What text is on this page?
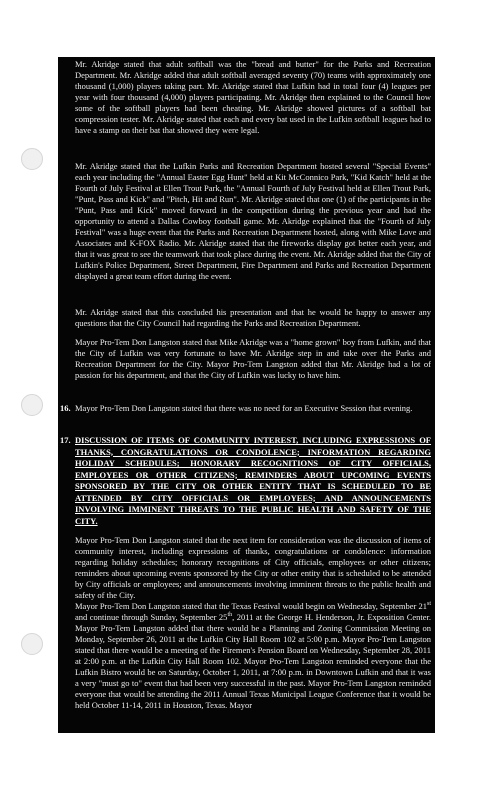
Mr. Akridge stated that adult softball was the "bread and butter" for the Parks and Recreation Department. Mr. Akridge added that adult softball averaged seventy (70) teams with approximately one thousand (1,000) players taking part. Mr. Akridge stated that Lufkin had in total four (4) leagues per year with four thousand (4,000) players participating. Mr. Akridge then explained to the Council how some of the softball players had been cheating. Mr. Akridge showed pictures of a softball bat compression tester. Mr. Akridge stated that each and every bat used in the Lufkin softball leagues had to have a stamp on their bat that showed they were legal.
Mr. Akridge stated that the Lufkin Parks and Recreation Department hosted several "Special Events" each year including the "Annual Easter Egg Hunt" held at Kit McConnico Park, "Kid Katch" held at the Fourth of July Festival at Ellen Trout Park, the "Annual Fourth of July Festival held at Ellen Trout Park, "Punt, Pass and Kick" and "Pitch, Hit and Run". Mr. Akridge stated that one (1) of the participants in the "Punt, Pass and Kick" moved forward in the competition during the previous year and had the opportunity to attend a Dallas Cowboy football game. Mr. Akridge explained that the "Fourth of July Festival" was a huge event that the Parks and Recreation Department hosted, along with Mike Love and Associates and K-FOX Radio. Mr. Akridge stated that the fireworks display got better each year, and that it was great to see the teamwork that took place during the event. Mr. Akridge added that the City of Lufkin's Police Department, Street Department, Fire Department and Parks and Recreation Department displayed a great team effort during the event.
Mr. Akridge stated that this concluded his presentation and that he would be happy to answer any questions that the City Council had regarding the Parks and Recreation Department.
Mayor Pro-Tem Don Langston stated that Mike Akridge was a "home grown" boy from Lufkin, and that the City of Lufkin was very fortunate to have Mr. Akridge step in and take over the Parks and Recreation Department for the City. Mayor Pro-Tem Langston added that Mr. Akridge had a lot of passion for his department, and that the City of Lufkin was lucky to have him.
16. Mayor Pro-Tem Don Langston stated that there was no need for an Executive Session that evening.
17. DISCUSSION OF ITEMS OF COMMUNITY INTEREST, INCLUDING EXPRESSIONS OF THANKS, CONGRATULATIONS OR CONDOLENCE; INFORMATION REGARDING HOLIDAY SCHEDULES; HONORARY RECOGNITIONS OF CITY OFFICIALS, EMPLOYEES OR OTHER CITIZENS; REMINDERS ABOUT UPCOMING EVENTS SPONSORED BY THE CITY OR OTHER ENTITY THAT IS SCHEDULED TO BE ATTENDED BY CITY OFFICIALS OR EMPLOYEES; AND ANNOUNCEMENTS INVOLVING IMMINENT THREATS TO THE PUBLIC HEALTH AND SAFETY OF THE CITY.
Mayor Pro-Tem Don Langston stated that the next item for consideration was the discussion of items of community interest, including expressions of thanks, congratulations or condolence: information regarding holiday schedules; honorary recognitions of City officials, employees or other citizens; reminders about upcoming events sponsored by the City or other entity that is scheduled to be attended by City officials or employees; and announcements involving imminent threats to the public health and safety of the City.
Mayor Pro-Tem Don Langston stated that the Texas Festival would begin on Wednesday, September 21st and continue through Sunday, September 25th, 2011 at the George H. Henderson, Jr. Exposition Center. Mayor Pro-Tem Langston added that there would be a Planning and Zoning Commission Meeting on Monday, September 26, 2011 at the Lufkin City Hall Room 102 at 5:00 p.m. Mayor Pro-Tem Langston stated that there would be a meeting of the Firemen's Pension Board on Wednesday, September 28, 2011 at 2:00 p.m. at the Lufkin City Hall Room 102. Mayor Pro-Tem Langston reminded everyone that the Lufkin Bistro would be on Saturday, October 1, 2011, at 7:00 p.m. in Downtown Lufkin and that it was a very "must go to" event that had been very successful in the past. Mayor Pro-Tem Langston reminded everyone that would be attending the 2011 Annual Texas Municipal League Conference that it would be held October 11-14, 2011 in Houston, Texas. Mayor
